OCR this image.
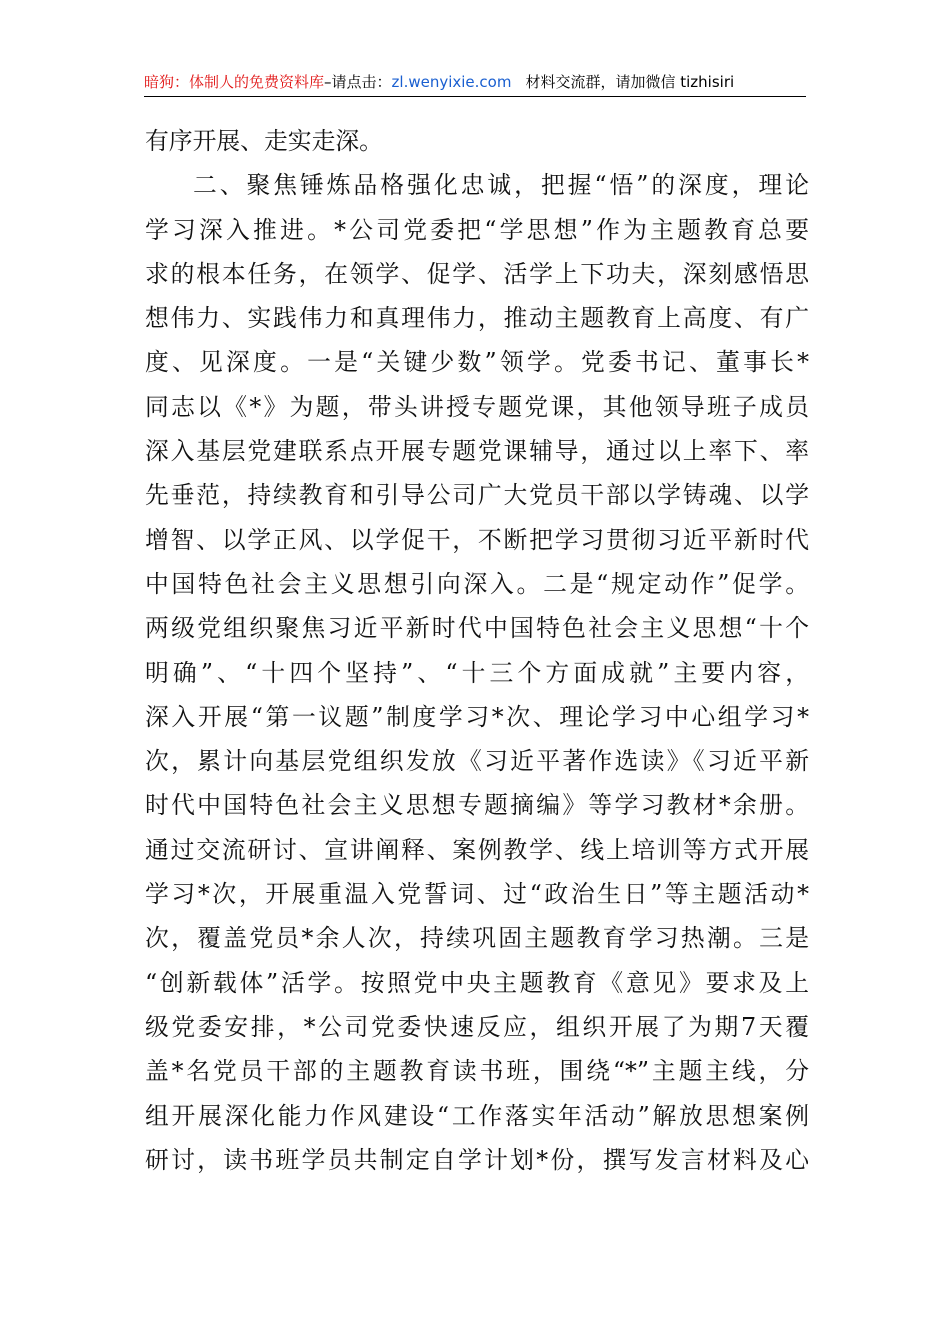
暗狗：体制人的免费资料库–请点击：zl.wenyixie.com 材料交流群，请加微信 tizhisiri
有序开展、走实走深。
二、聚焦锤炼品格强化忠诚，把握“悟”的深度，理论
学习深入推进。*公司党委把“学思想”作为主题教育总要
求的根本任务，在领学、促学、活学上下功夫，深刻感悟思
想伟力、实践伟力和真理伟力，推动主题教育上高度、有广
度、见深度。一是“关键少数”领学。党委书记、董事长*
同志以《*》为题，带头讲授专题党课，其他领导班子成员
深入基层党建联系点开展专题党课辅导，通过以上率下、率
先垂范，持续教育和引导公司广大党员干部以学铸魂、以学
增智、以学正风、以学促干，不断把学习贯彻习近平新时代
中国特色社会主义思想引向深入。二是“规定动作”促学。
两级党组织聚焦习近平新时代中国特色社会主义思想“十个
明确”、“十四个坚持”、“十三个方面成就”主要内容，
深入开展“第一议题”制度学习*次、理论学习中心组学习*
次，累计向基层党组织发放《习近平著作选读》《习近平新
时代中国特色社会主义思想专题摘编》等学习教材*余册。
通过交流研讨、宣讲阐释、案例教学、线上培训等方式开展
学习*次，开展重温入党誓词、过“政治生日”等主题活动*
次，覆盖党员*余人次，持续巩固主题教育学习热潮。三是
“创新载体”活学。按照党中央主题教育《意见》要求及上
级党委安排，*公司党委快速反应，组织开展了为期7天覆
盖*名党员干部的主题教育读书班，围绕“*”主题主线，分
组开展深化能力作风建设“工作落实年活动”解放思想案例
研讨，读书班学员共制定自学计划*份，撰写发言材料及心
